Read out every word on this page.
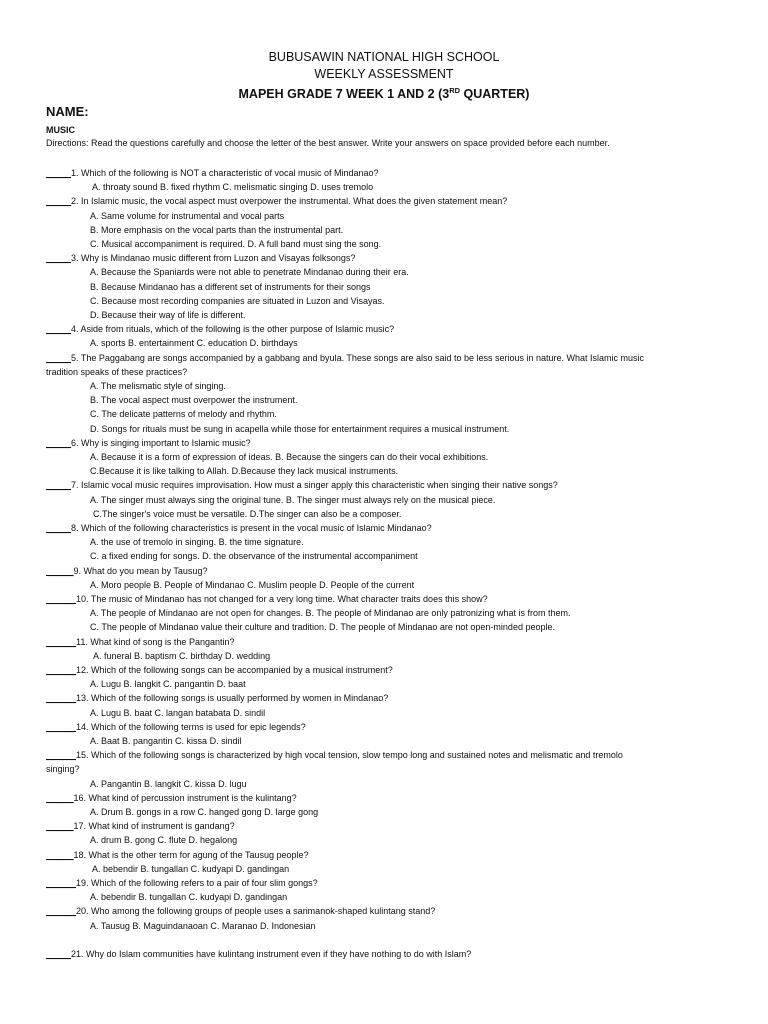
BUBUSAWIN NATIONAL HIGH SCHOOL
WEEKLY ASSESSMENT
MAPEH GRADE 7 WEEK 1 AND 2 (3RD QUARTER)
NAME:
MUSIC
Directions: Read the questions carefully and choose the letter of the best answer. Write your answers on space provided before each number.
_____1. Which of the following is NOT a characteristic of vocal music of Mindanao?
A. throaty sound B. fixed rhythm C. melismatic singing D. uses tremolo
_____2. In Islamic music, the vocal aspect must overpower the instrumental. What does the given statement mean?
A. Same volume for instrumental and vocal parts
B. More emphasis on the vocal parts than the instrumental part.
C. Musical accompaniment is required. D. A full band must sing the song.
_____3. Why is Mindanao music different from Luzon and Visayas folksongs?
A. Because the Spaniards were not able to penetrate Mindanao during their era.
B. Because Mindanao has a different set of instruments for their songs
C. Because most recording companies are situated in Luzon and Visayas.
D. Because their way of life is different.
_____4. Aside from rituals, which of the following is the other purpose of Islamic music?
A. sports B. entertainment C. education D. birthdays
_____5. The Paggabang are songs accompanied by a gabbang and byula. These songs are also said to be less serious in nature. What Islamic music
tradition speaks of these practices?
A. The melismatic style of singing.
B. The vocal aspect must overpower the instrument.
C. The delicate patterns of melody and rhythm.
D. Songs for rituals must be sung in acapella while those for entertainment requires a musical instrument.
_____6. Why is singing important to Islamic music?
A. Because it is a form of expression of ideas. B. Because the singers can do their vocal exhibitions.
C.Because it is like talking to Allah. D.Because they lack musical instruments.
_____7. Islamic vocal music requires improvisation. How must a singer apply this characteristic when singing their native songs?
A. The singer must always sing the original tune. B. The singer must always rely on the musical piece.
C.The singer's voice must be versatile. D.The singer can also be a composer.
_____8. Which of the following characteristics is present in the vocal music of Islamic Mindanao?
A. the use of tremolo in singing. B. the time signature.
C. a fixed ending for songs. D. the observance of the instrumental accompaniment
_____9. What do you mean by Tausug?
A. Moro people B. People of Mindanao C. Muslim people D. People of the current
______10. The music of Mindanao has not changed for a very long time. What character traits does this show?
A. The people of Mindanao are not open for changes. B. The people of Mindanao are only patronizing what is from them.
C. The people of Mindanao value their culture and tradition. D. The people of Mindanao are not open-minded people.
______11. What kind of song is the Pangantin?
A. funeral B. baptism C. birthday D. wedding
______12. Which of the following songs can be accompanied by a musical instrument?
A. Lugu B. langkit C. pangantin D. baat
______13. Which of the following songs is usually performed by women in Mindanao?
A. Lugu B. baat C. langan batabata D. sindil
______14. Which of the following terms is used for epic legends?
A. Baat B. pangantin C. kissa D. sindil
______15. Which of the following songs is characterized by high vocal tension, slow tempo long and sustained notes and melismatic and tremolo
singing?
A. Pangantin B. langkit C. kissa D. lugu
_____16. What kind of percussion instrument is the kulintang?
A. Drum B. gongs in a row C. hanged gong D. large gong
_____17. What kind of instrument is gandang?
A. drum B. gong C. flute D. hegalong
_____18. What is the other term for agung of the Tausug people?
A. bebendir B. tungallan C. kudyapi D. gandingan
______19. Which of the following refers to a pair of four slim gongs?
A. bebendir B. tungallan C. kudyapi D. gandingan
______20. Who among the following groups of people uses a sarimanok-shaped kulintang stand?
A. Tausug B. Maguindanaoan C. Maranao D. Indonesian
_____21. Why do Islam communities have kulintang instrument even if they have nothing to do with Islam?
